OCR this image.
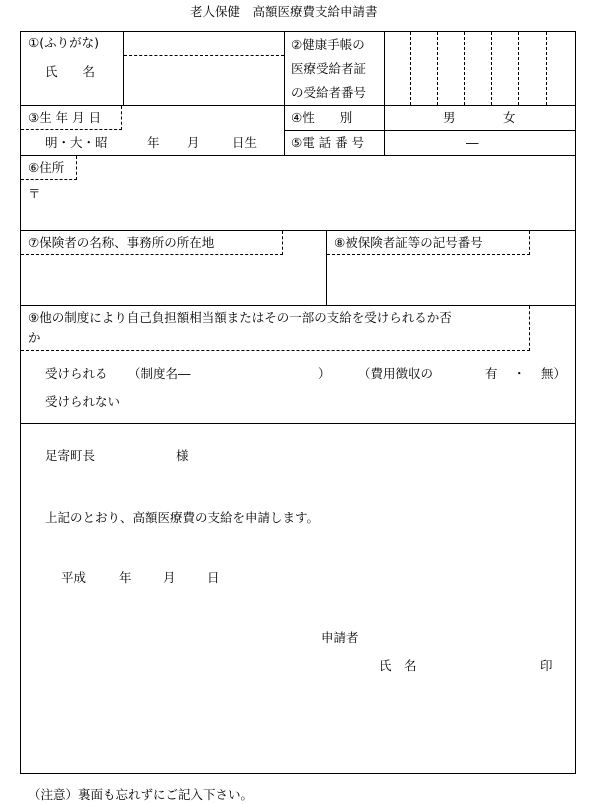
老人保健　高額医療費支給申請書
①(ふりがな)
氏　　名
②健康手帳の
医療受給者証
の受給者番号
③生 年 月 日
明・大・昭	年 月	日生
④性　　別	男	女
⑤電 話 番 号	―
⑥住所
〒
⑦保険者の名称、事務所の所在地	⑧被保険者証等の記号番号
⑨他の制度により自己負担額相当額またはその一部の支給を受けられるか否
か
受けられる （制度名―	） （費用徴収の	有 ・ 無）
受けられない
足寄町長	様
上記のとおり、高額医療費の支給を申請します。
平成	年	月	日
申請者
氏　名	印
（注意）裏面も忘れずにご記入下さい。
